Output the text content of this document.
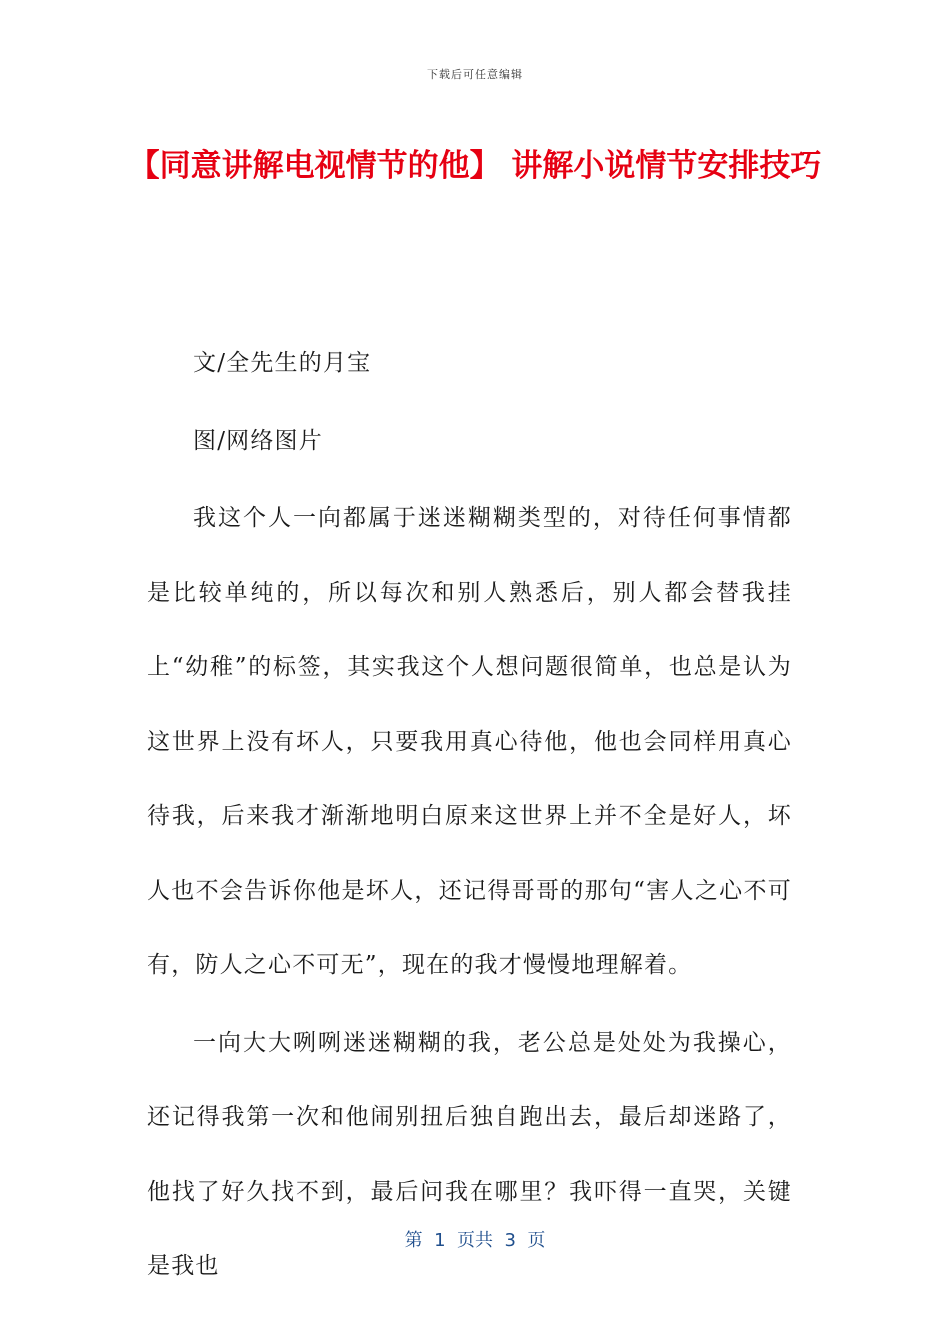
下载后可任意编辑
【同意讲解电视情节的他】 讲解小说情节安排技巧

文/全先生的月宝

图/网络图片

我这个人一向都属于迷迷糊糊类型的，对待任何事情都是比较单纯的，所以每次和别人熟悉后，别人都会替我挂上“幼稚”的标签，其实我这个人想问题很简单，也总是认为这世界上没有坏人，只要我用真心待他，他也会同样用真心待我，后来我才渐渐地明白原来这世界上并不全是好人，坏人也不会告诉你他是坏人，还记得哥哥的那句“害人之心不可有，防人之心不可无”，现在的我才慢慢地理解着。

一向大大咧咧迷迷糊糊的我，老公总是处处为我操心，还记得我第一次和他闹别扭后独自跑出去，最后却迷路了，他找了好久找不到，最后问我在哪里？我吓得一直哭，关键是我也

第  1  页共  3  页
